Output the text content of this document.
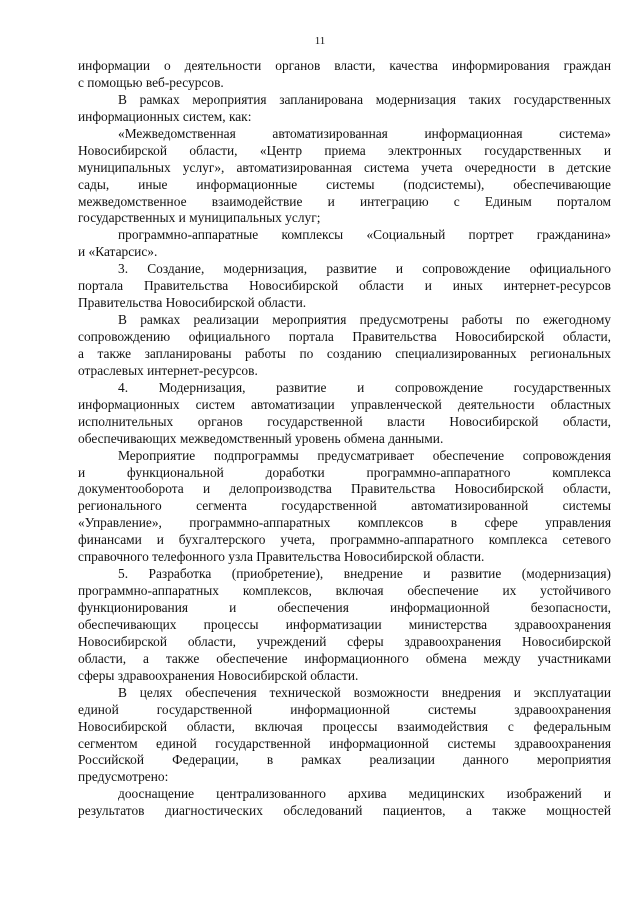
11
информации о деятельности органов власти, качества информирования граждан
с помощью веб-ресурсов.
В рамках мероприятия запланирована модернизация таких государственных
информационных систем, как:
«Межведомственная автоматизированная информационная система»
Новосибирской области, «Центр приема электронных государственных и
муниципальных услуг», автоматизированная система учета очередности в детские
сады, иные информационные системы (подсистемы), обеспечивающие
межведомственное взаимодействие и интеграцию с Единым порталом
государственных и муниципальных услуг;
программно-аппаратные комплексы «Социальный портрет гражданина»
и «Катарсис».
3. Создание, модернизация, развитие и сопровождение официального
портала Правительства Новосибирской области и иных интернет-ресурсов
Правительства Новосибирской области.
В рамках реализации мероприятия предусмотрены работы по ежегодному
сопровождению официального портала Правительства Новосибирской области,
а также запланированы работы по созданию специализированных региональных
отраслевых интернет-ресурсов.
4. Модернизация, развитие и сопровождение государственных
информационных систем автоматизации управленческой деятельности областных
исполнительных органов государственной власти Новосибирской области,
обеспечивающих межведомственный уровень обмена данными.
Мероприятие подпрограммы предусматривает обеспечение сопровождения
и функциональной доработки программно-аппаратного комплекса
документооборота и делопроизводства Правительства Новосибирской области,
регионального сегмента государственной автоматизированной системы
«Управление», программно-аппаратных комплексов в сфере управления
финансами и бухгалтерского учета, программно-аппаратного комплекса сетевого
справочного телефонного узла Правительства Новосибирской области.
5. Разработка (приобретение), внедрение и развитие (модернизация)
программно-аппаратных комплексов, включая обеспечение их устойчивого
функционирования и обеспечения информационной безопасности,
обеспечивающих процессы информатизации министерства здравоохранения
Новосибирской области, учреждений сферы здравоохранения Новосибирской
области, а также обеспечение информационного обмена между участниками
сферы здравоохранения Новосибирской области.
В целях обеспечения технической возможности внедрения и эксплуатации
единой государственной информационной системы здравоохранения
Новосибирской области, включая процессы взаимодействия с федеральным
сегментом единой государственной информационной системы здравоохранения
Российской Федерации, в рамках реализации данного мероприятия
предусмотрено:
дооснащение централизованного архива медицинских изображений и
результатов диагностических обследований пациентов, а также мощностей
